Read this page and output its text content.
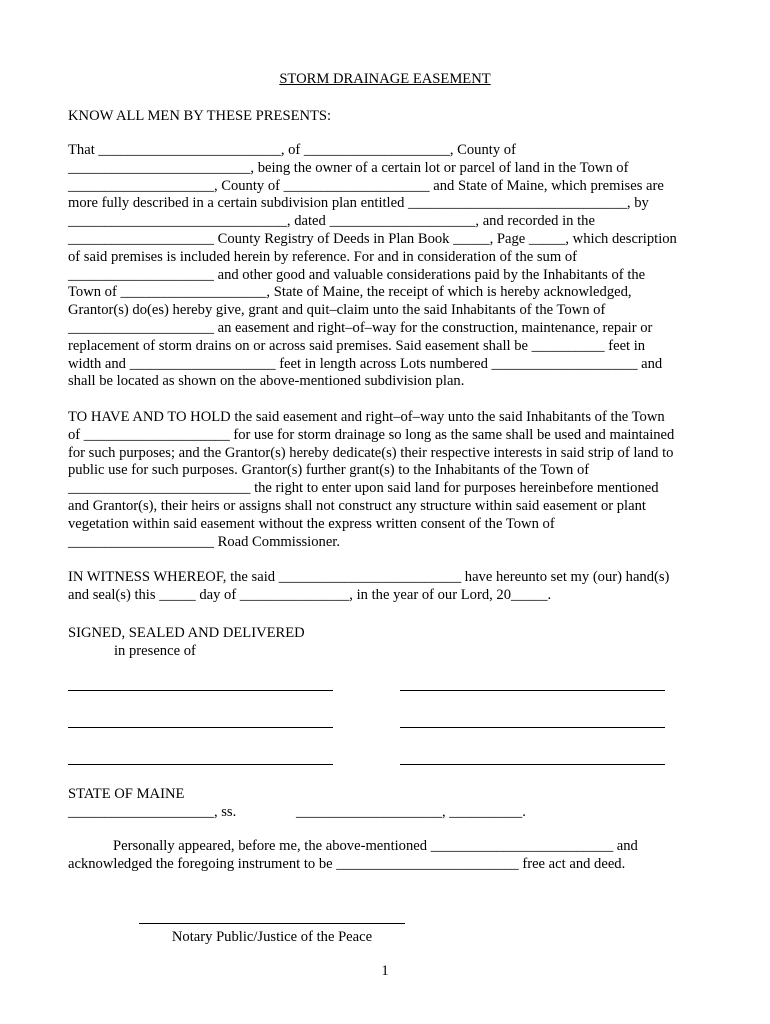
STORM DRAINAGE EASEMENT
KNOW ALL MEN BY THESE PRESENTS:
That _________________________, of ____________________, County of
_________________________, being the owner of a certain lot or parcel of land in the Town of
____________________, County of ____________________ and State of Maine, which premises are
more fully described in a certain subdivision plan entitled ______________________________, by
______________________________, dated ____________________, and recorded in the
____________________ County Registry of Deeds in Plan Book _____, Page _____, which description
of said premises is included herein by reference. For and in consideration of the sum of
____________________ and other good and valuable considerations paid by the Inhabitants of the
Town of ____________________, State of Maine, the receipt of which is hereby acknowledged,
Grantor(s) do(es) hereby give, grant and quit–claim unto the said Inhabitants of the Town of
____________________ an easement and right–of–way for the construction, maintenance, repair or
replacement of storm drains on or across said premises. Said easement shall be __________ feet in
width and ____________________ feet in length across Lots numbered ____________________ and
shall be located as shown on the above-mentioned subdivision plan.
TO HAVE AND TO HOLD the said easement and right–of–way unto the said Inhabitants of the Town
of ____________________ for use for storm drainage so long as the same shall be used and maintained
for such purposes; and the Grantor(s) hereby dedicate(s) their respective interests in said strip of land to
public use for such purposes. Grantor(s) further grant(s) to the Inhabitants of the Town of
_________________________ the right to enter upon said land for purposes hereinbefore mentioned
and Grantor(s), their heirs or assigns shall not construct any structure within said easement or plant
vegetation within said easement without the express written consent of the Town of
____________________ Road Commissioner.
IN WITNESS WHEREOF, the said _________________________ have hereunto set my (our) hand(s)
and seal(s) this _____ day of _______________, in the year of our Lord, 20_____.
SIGNED, SEALED AND DELIVERED
in presence of
STATE OF MAINE
____________________, ss.	____________________, __________.
Personally appeared, before me, the above-mentioned _________________________ and
acknowledged the foregoing instrument to be _________________________ free act and deed.
Notary Public/Justice of the Peace
1
